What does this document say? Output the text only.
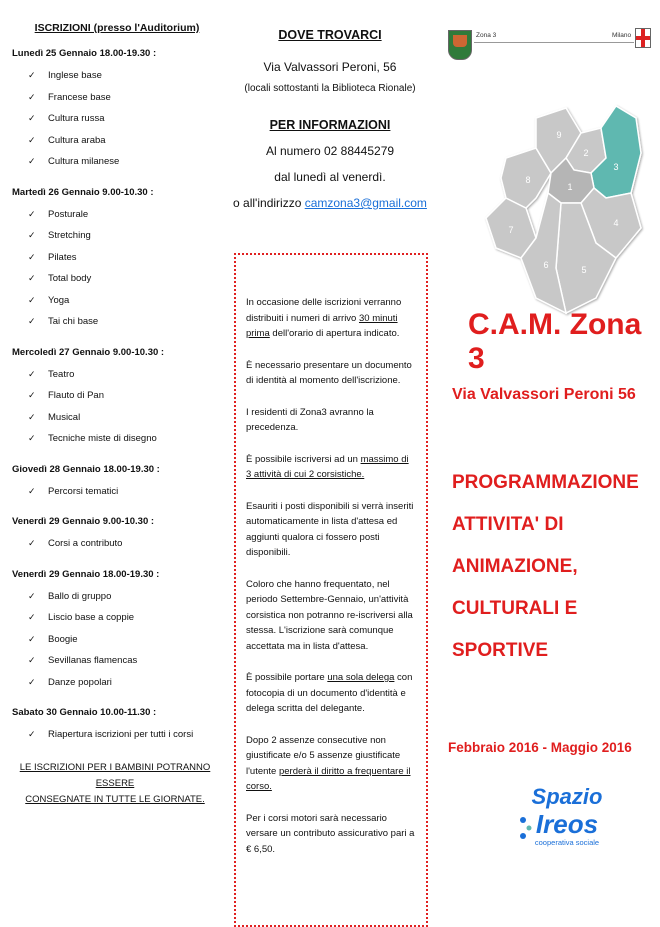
ISCRIZIONI (presso l'Auditorium)
Lunedì 25 Gennaio 18.00-19.30 :
✓ Inglese base
✓ Francese base
✓ Cultura russa
✓ Cultura araba
✓ Cultura milanese
Martedì 26 Gennaio 9.00-10.30 :
✓ Posturale
✓ Stretching
✓ Pilates
✓ Total body
✓ Yoga
✓ Tai chi base
Mercoledì 27 Gennaio 9.00-10.30 :
✓ Teatro
✓ Flauto di Pan
✓ Musical
✓ Tecniche miste di disegno
Giovedì 28 Gennaio 18.00-19.30 :
✓ Percorsi tematici
Venerdì 29 Gennaio 9.00-10.30 :
✓ Corsi a contributo
Venerdì 29 Gennaio 18.00-19.30 :
✓ Ballo di gruppo
✓ Liscio base a coppie
✓ Boogie
✓ Sevillanas flamencas
✓ Danze popolari
Sabato 30 Gennaio 10.00-11.30 :
✓ Riapertura iscrizioni per tutti i corsi
LE ISCRIZIONI PER I BAMBINI POTRANNO ESSERE
CONSEGNATE IN TUTTE LE GIORNATE.
DOVE TROVARCI
Via Valvassori Peroni, 56
(locali sottostanti la Biblioteca Rionale)
PER INFORMAZIONI
Al numero 02 88445279
dal lunedì al venerdì.
o all'indirizzo camzona3@gmail.com

In occasione delle iscrizioni verranno distribuiti i numeri di arrivo 30 minuti prima dell'orario di apertura indicato.

È necessario presentare un documento di identità al momento dell'iscrizione.

I residenti di Zona3 avranno la precedenza.

È possibile iscriversi ad un massimo di 3 attività di cui 2 corsistiche.

Esauriti i posti disponibili si verrà inseriti automaticamente in lista d'attesa ed aggiunti qualora ci fossero posti disponibili.

Coloro che hanno frequentato, nel periodo Settembre-Gennaio, un'attività corsistica non potranno re-iscriversi alla stessa. L'iscrizione sarà comunque accettata ma in lista d'attesa.

È possibile portare una sola delega con fotocopia di un documento d'identità e delega scritta del delegante.

Dopo 2 assenze consecutive non giustificate e/o 5 assenze giustificate l'utente perderà il diritto a frequentare il corso.

Per i corsi motori sarà necessario versare un contributo assicurativo pari a € 6,50.

Zona 3	Milano
1
2
3
4
5
6
7
8
9
C.A.M. Zona 3
Via Valvassori Peroni 56
PROGRAMMAZIONE
ATTIVITA' DI
ANIMAZIONE,
CULTURALI E
SPORTIVE
Febbraio 2016 - Maggio 2016
Spazio
Ireos
cooperativa sociale
